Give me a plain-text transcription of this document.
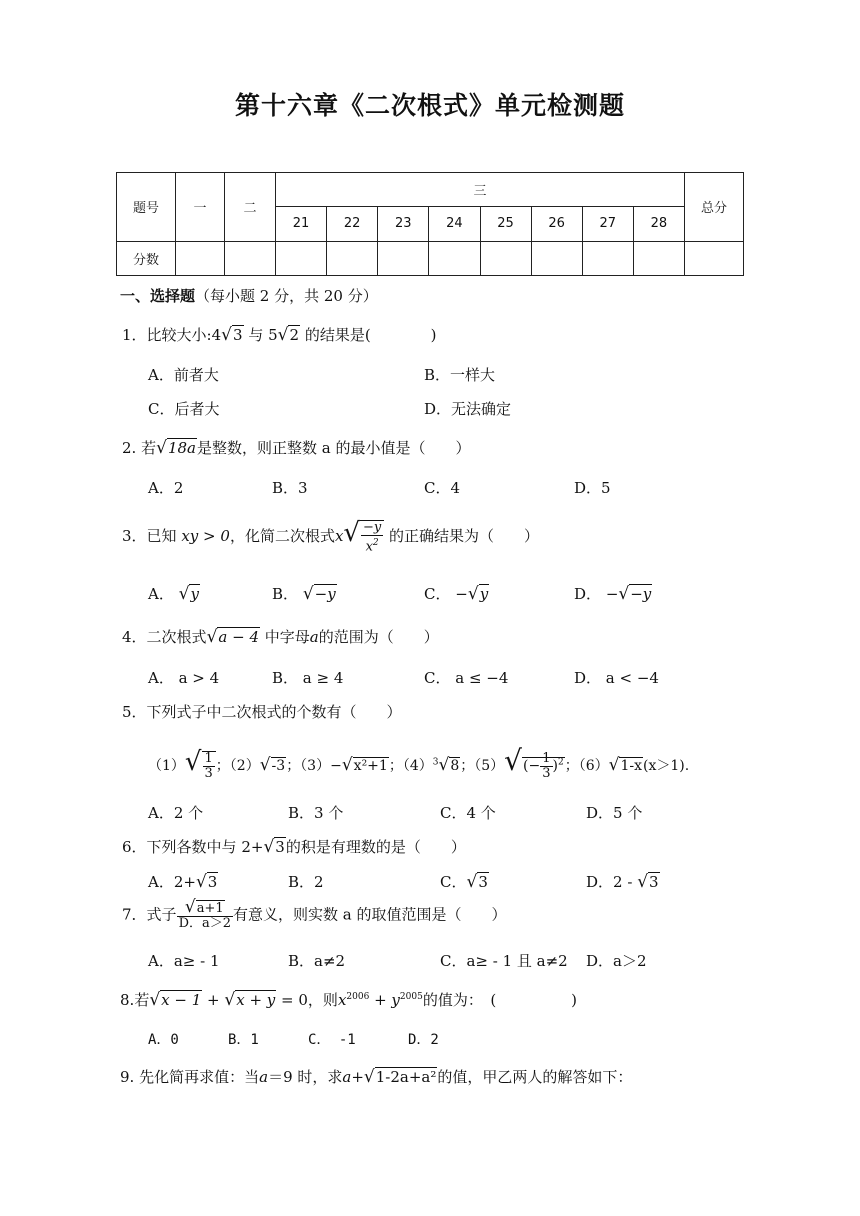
第十六章《二次根式》单元检测题
题号	一	二	三								总分
			21	22	23	24	25	26	27	28	
分数											
一、选择题（每小题 2 分，共 20 分）
1．比较大小:4√3 与 5√2 的结果是(　　　　)
A．前者大	B．一样大
C．后者大	D．无法确定
2. 若√18a是整数，则正整数 a 的最小值是（　　）
A．2	B．3	C．4	D．5
3．已知 xy > 0，化简二次根式$x√ \frac{-y}{x^2}$ 的正确结果为（　　）
A． √y	B． √−y	C． −√y	D． −√−y
4．二次根式√a − 4 中字母a的范围为（　　）
A． a > 4	B． a ≥ 4	C． a ≤ −4	D． a < −4
5．下列式子中二次根式的个数有（　　）
$(1)√ \frac{1}{3}$ ；（2）√-3；（3）−√x²+1；$(4)^3√8$；$(5)√(- \frac{1}{3} )^2$；（6）√1-x(x＞1).
A．2 个	B．3 个	C．4 个	D．5 个
6．下列各数中与 2+√3的积是有理数的是（　　）
A．2+√3	B．2	C．√3	D．2 - √3
7．式子 $\frac{√a+1}{D.a>2}$ 有意义，则实数 a 的取值范围是（　　）
A．a≥ - 1	B．a≠2	C．a≥ - 1 且 a≠2 D．a＞2
8.若√x − 1 + √x + y = 0，则$x^{2006} + y^{2005}$的值为：　(　　　　　)
A．0	B．1	C． -1	D．2
9. 先化简再求值：当a＝9 时，求a+√1-2a+a²的值，甲乙两人的解答如下：
